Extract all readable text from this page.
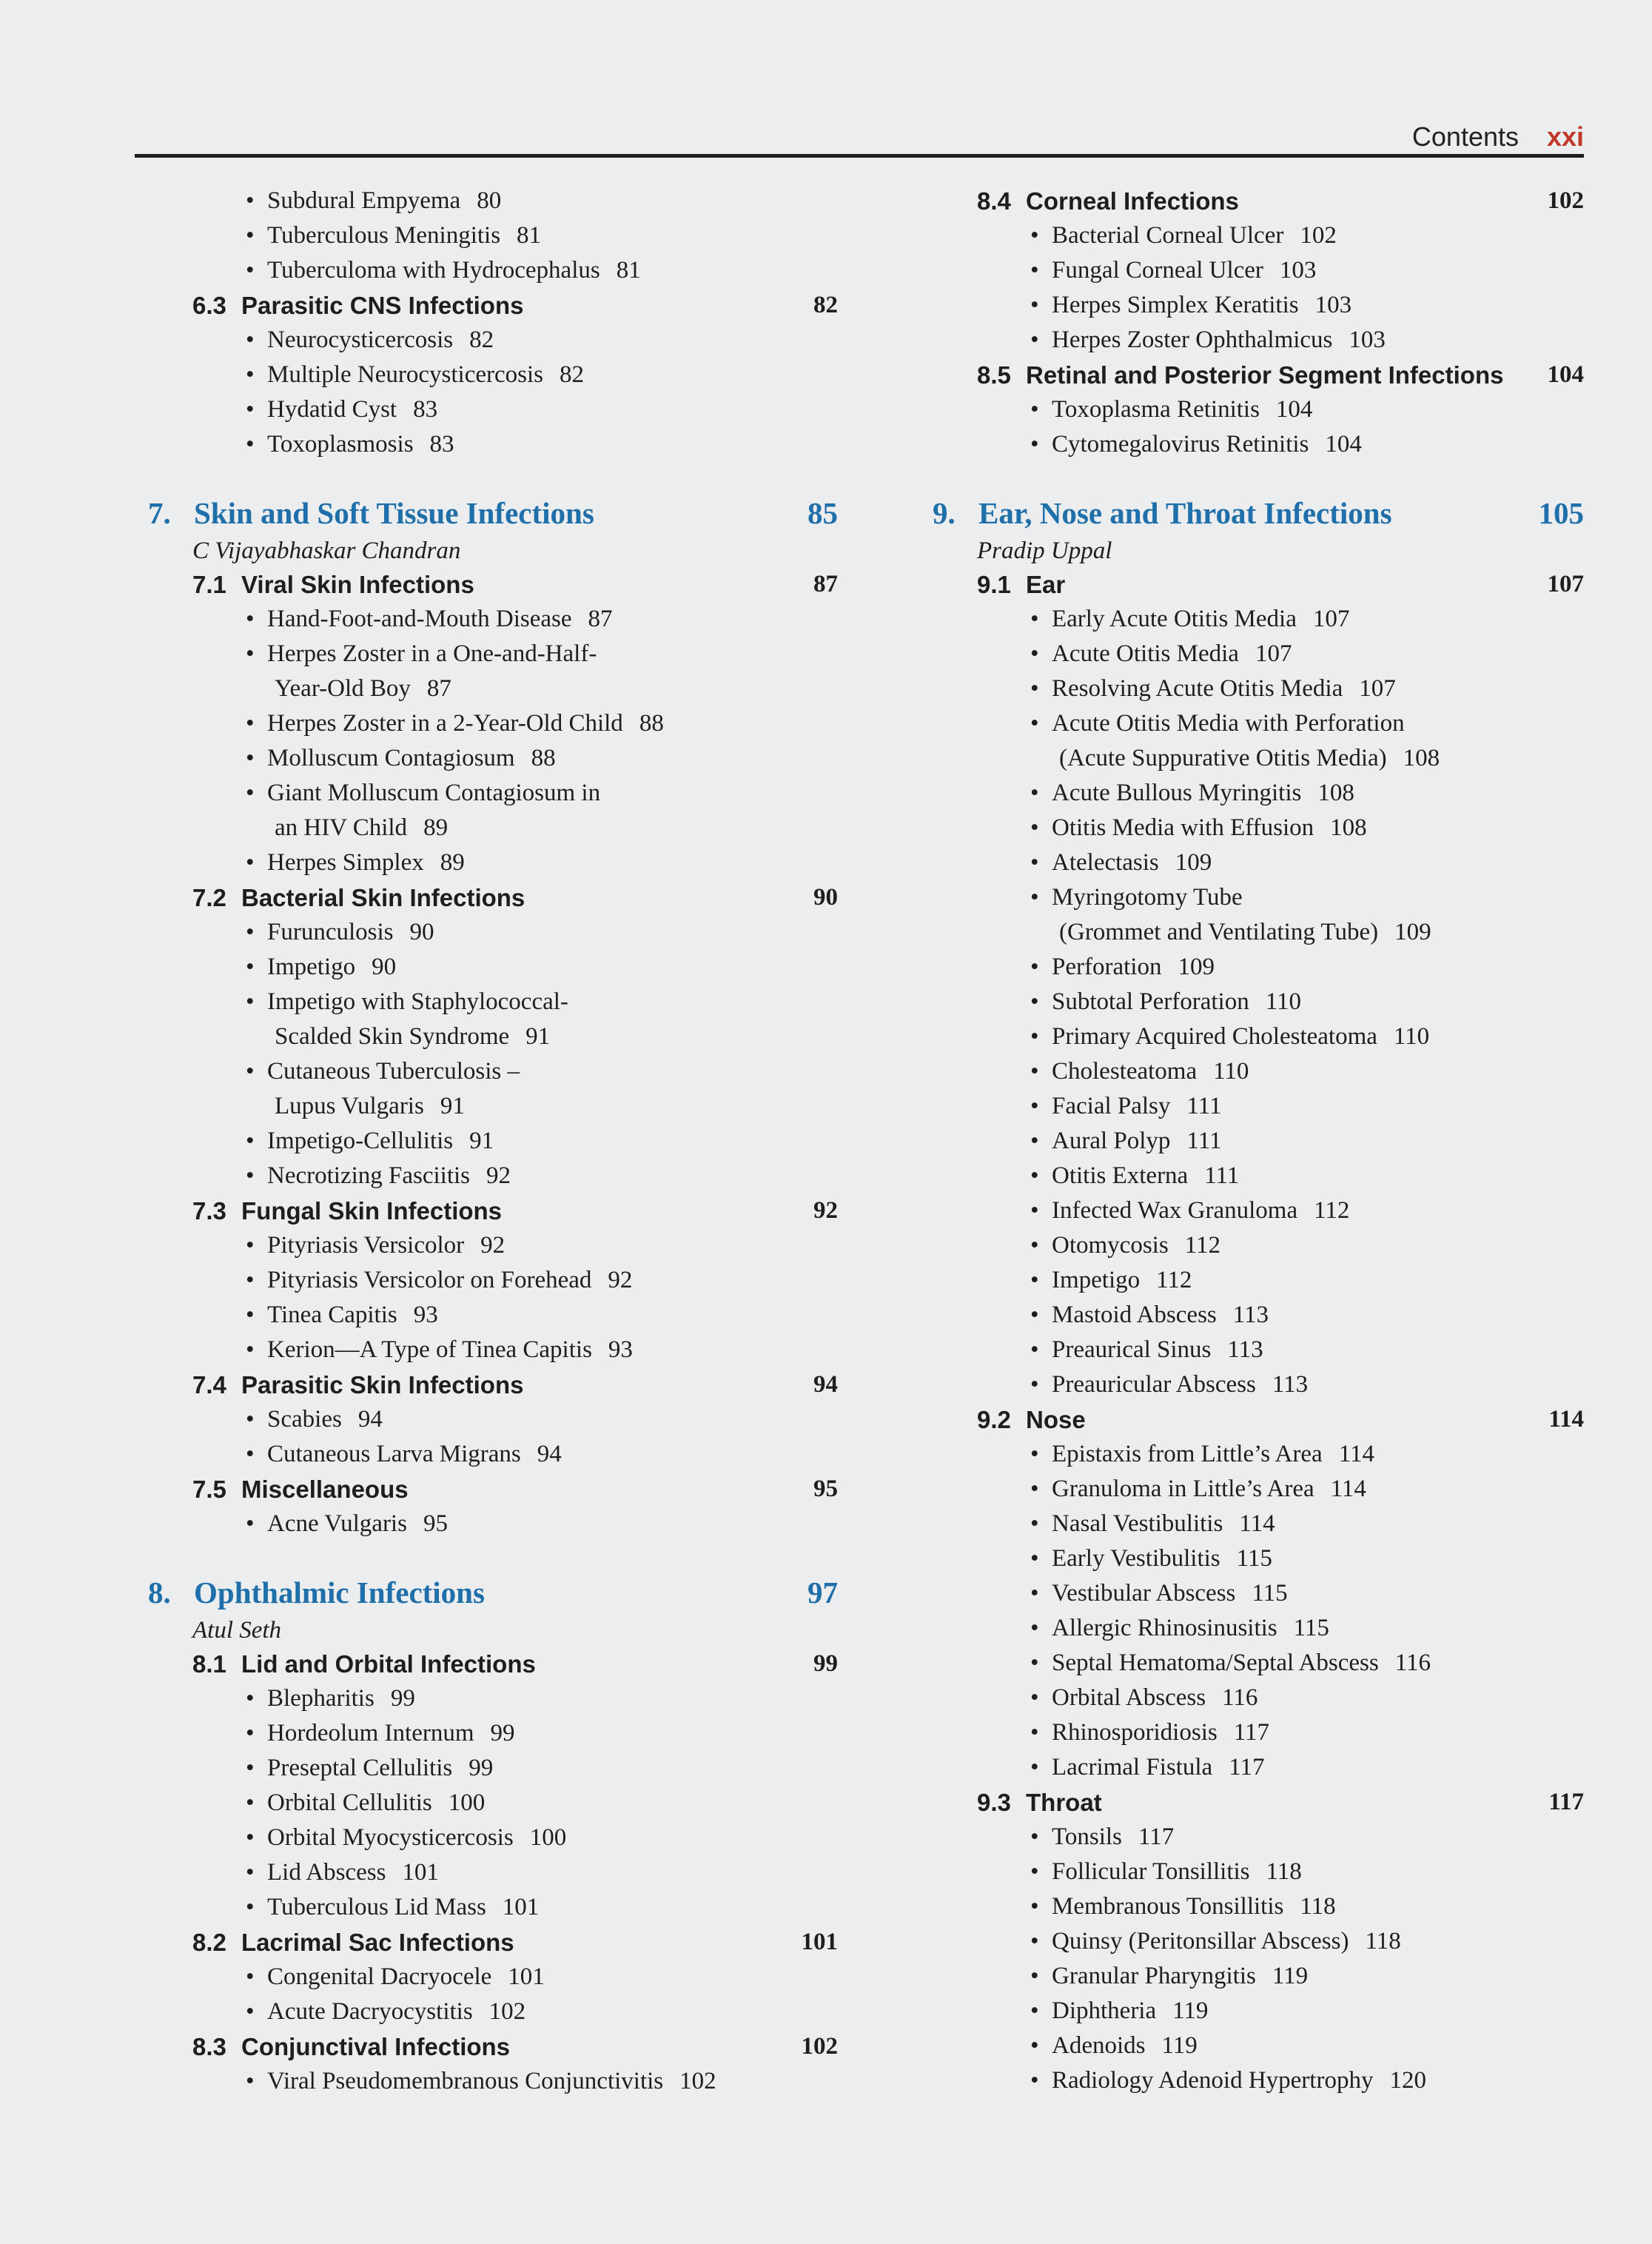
Contents xxi
• Subdural Empyema 80
• Tuberculous Meningitis 81
• Tuberculoma with Hydrocephalus 81
6.3 Parasitic CNS Infections	82
• Neurocysticercosis 82
• Multiple Neurocysticercosis 82
• Hydatid Cyst 83
• Toxoplasmosis 83
7. Skin and Soft Tissue Infections	85
C Vijayabhaskar Chandran
7.1 Viral Skin Infections	87
• Hand-Foot-and-Mouth Disease 87
• Herpes Zoster in a One-and-Half-
Year-Old Boy 87
• Herpes Zoster in a 2-Year-Old Child 88
• Molluscum Contagiosum 88
• Giant Molluscum Contagiosum in
an HIV Child 89
• Herpes Simplex 89
7.2 Bacterial Skin Infections	90
• Furunculosis 90
• Impetigo 90
• Impetigo with Staphylococcal-
Scalded Skin Syndrome 91
• Cutaneous Tuberculosis –
Lupus Vulgaris 91
• Impetigo-Cellulitis 91
• Necrotizing Fasciitis 92
7.3 Fungal Skin Infections	92
• Pityriasis Versicolor 92
• Pityriasis Versicolor on Forehead 92
• Tinea Capitis 93
• Kerion—A Type of Tinea Capitis 93
7.4 Parasitic Skin Infections	94
• Scabies 94
• Cutaneous Larva Migrans 94
7.5 Miscellaneous	95
• Acne Vulgaris 95
8. Ophthalmic Infections	97
Atul Seth
8.1 Lid and Orbital Infections	99
• Blepharitis 99
• Hordeolum Internum 99
• Preseptal Cellulitis 99
• Orbital Cellulitis 100
• Orbital Myocysticercosis 100
• Lid Abscess 101
• Tuberculous Lid Mass 101
8.2 Lacrimal Sac Infections	101
• Congenital Dacryocele 101
• Acute Dacryocystitis 102
8.3 Conjunctival Infections	102
• Viral Pseudomembranous Conjunctivitis 102
8.4 Corneal Infections	102
• Bacterial Corneal Ulcer 102
• Fungal Corneal Ulcer 103
• Herpes Simplex Keratitis 103
• Herpes Zoster Ophthalmicus 103
8.5 Retinal and Posterior Segment Infections 104
• Toxoplasma Retinitis 104
• Cytomegalovirus Retinitis 104
9. Ear, Nose and Throat Infections	105
Pradip Uppal
9.1 Ear	107
• Early Acute Otitis Media 107
• Acute Otitis Media 107
• Resolving Acute Otitis Media 107
• Acute Otitis Media with Perforation
(Acute Suppurative Otitis Media) 108
• Acute Bullous Myringitis 108
• Otitis Media with Effusion 108
• Atelectasis 109
• Myringotomy Tube
(Grommet and Ventilating Tube) 109
• Perforation 109
• Subtotal Perforation 110
• Primary Acquired Cholesteatoma 110
• Cholesteatoma 110
• Facial Palsy 111
• Aural Polyp 111
• Otitis Externa 111
• Infected Wax Granuloma 112
• Otomycosis 112
• Impetigo 112
• Mastoid Abscess 113
• Preaurical Sinus 113
• Preauricular Abscess 113
9.2 Nose	114
• Epistaxis from Little’s Area 114
• Granuloma in Little’s Area 114
• Nasal Vestibulitis 114
• Early Vestibulitis 115
• Vestibular Abscess 115
• Allergic Rhinosinusitis 115
• Septal Hematoma/Septal Abscess 116
• Orbital Abscess 116
• Rhinosporidiosis 117
• Lacrimal Fistula 117
9.3 Throat	117
• Tonsils 117
• Follicular Tonsillitis 118
• Membranous Tonsillitis 118
• Quinsy (Peritonsillar Abscess) 118
• Granular Pharyngitis 119
• Diphtheria 119
• Adenoids 119
• Radiology Adenoid Hypertrophy 120
